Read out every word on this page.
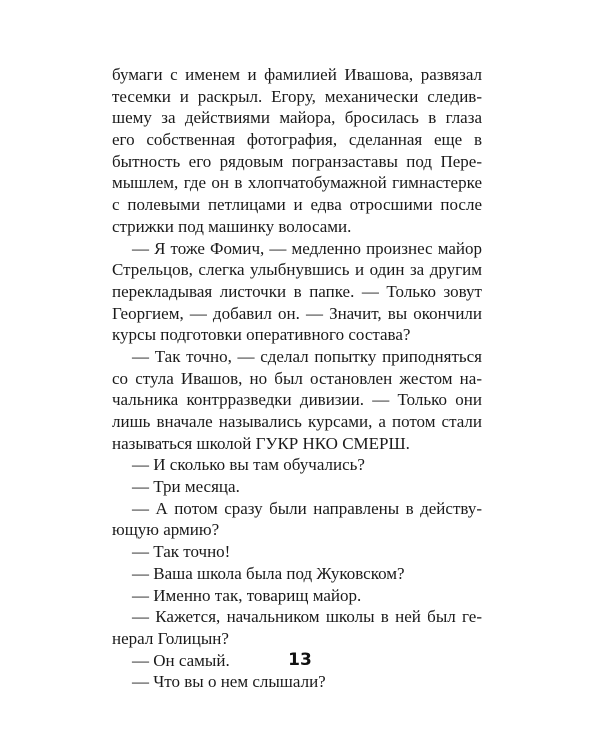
бумаги с именем и фамилией Ивашова, развязал
тесемки и раскрыл. Егору, механически следив-
шему за действиями майора, бросилась в глаза
его собственная фотография, сделанная еще в
бытность его рядовым погранзаставы под Пере-
мышлем, где он в хлопчатобумажной гимнастерке
с полевыми петлицами и едва отросшими после
стрижки под машинку волосами.
— Я тоже Фомич, — медленно произнес майор
Стрельцов, слегка улыбнувшись и один за другим
перекладывая листочки в папке. — Только зовут
Георгием, — добавил он. — Значит, вы окончили
курсы подготовки оперативного состава?
— Так точно, — сделал попытку приподняться
со стула Ивашов, но был остановлен жестом на-
чальника контрразведки дивизии. — Только они
лишь вначале назывались курсами, а потом стали
называться школой ГУКР НКО СМЕРШ.
— И сколько вы там обучались?
— Три месяца.
— А потом сразу были направлены в действу-
ющую армию?
— Так точно!
— Ваша школа была под Жуковском?
— Именно так, товарищ майор.
— Кажется, начальником школы в ней был ге-
нерал Голицын?
— Он самый.
— Что вы о нем слышали?
13
